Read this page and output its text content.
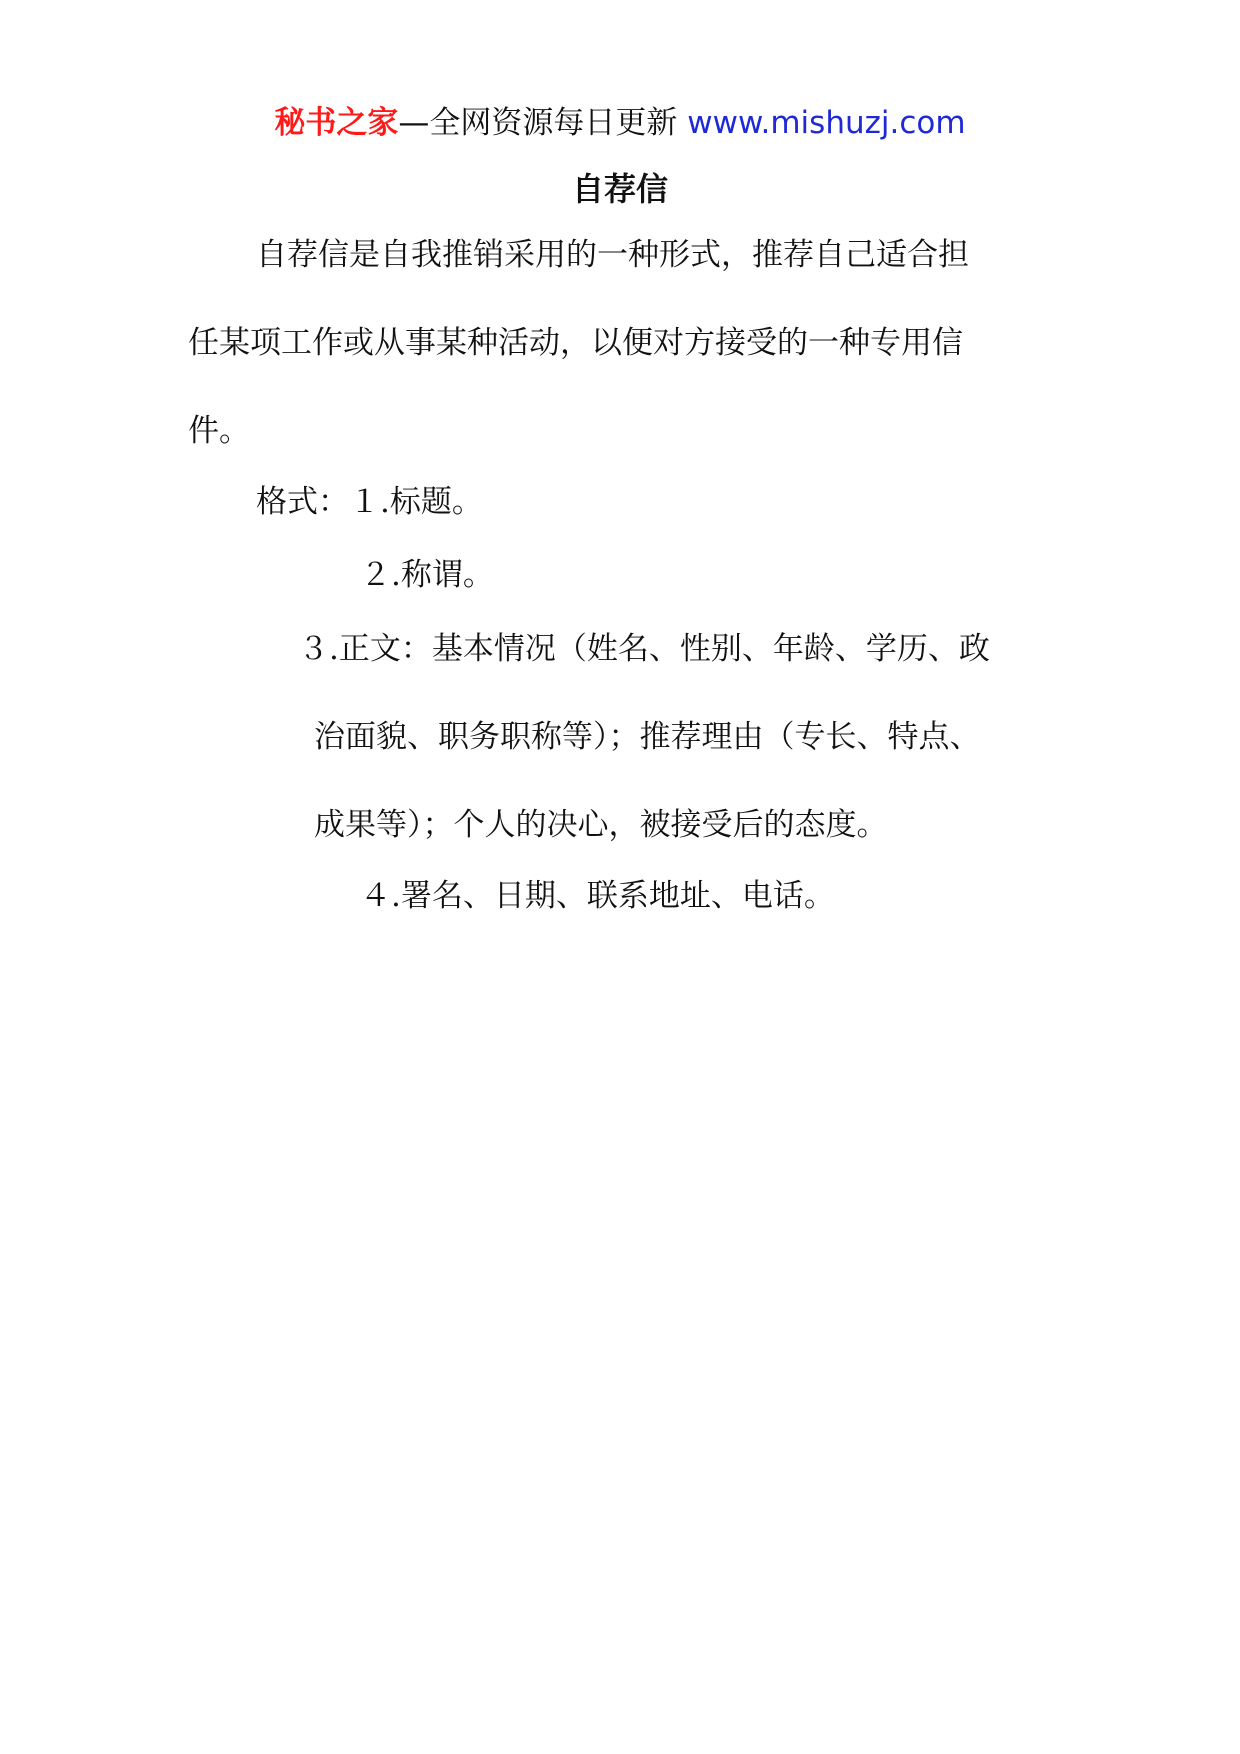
秘书之家—全网资源每日更新 www.mishuzj.com
自荐信
自荐信是自我推销采用的一种形式，推荐自己适合担
任某项工作或从事某种活动，以便对方接受的一种专用信
件。
格式：１.标题。
２.称谓。
３.正文：基本情况（姓名、性别、年龄、学历、政
治面貌、职务职称等）；推荐理由（专长、特点、
成果等）；个人的决心，被接受后的态度。
４.署名、日期、联系地址、电话。
